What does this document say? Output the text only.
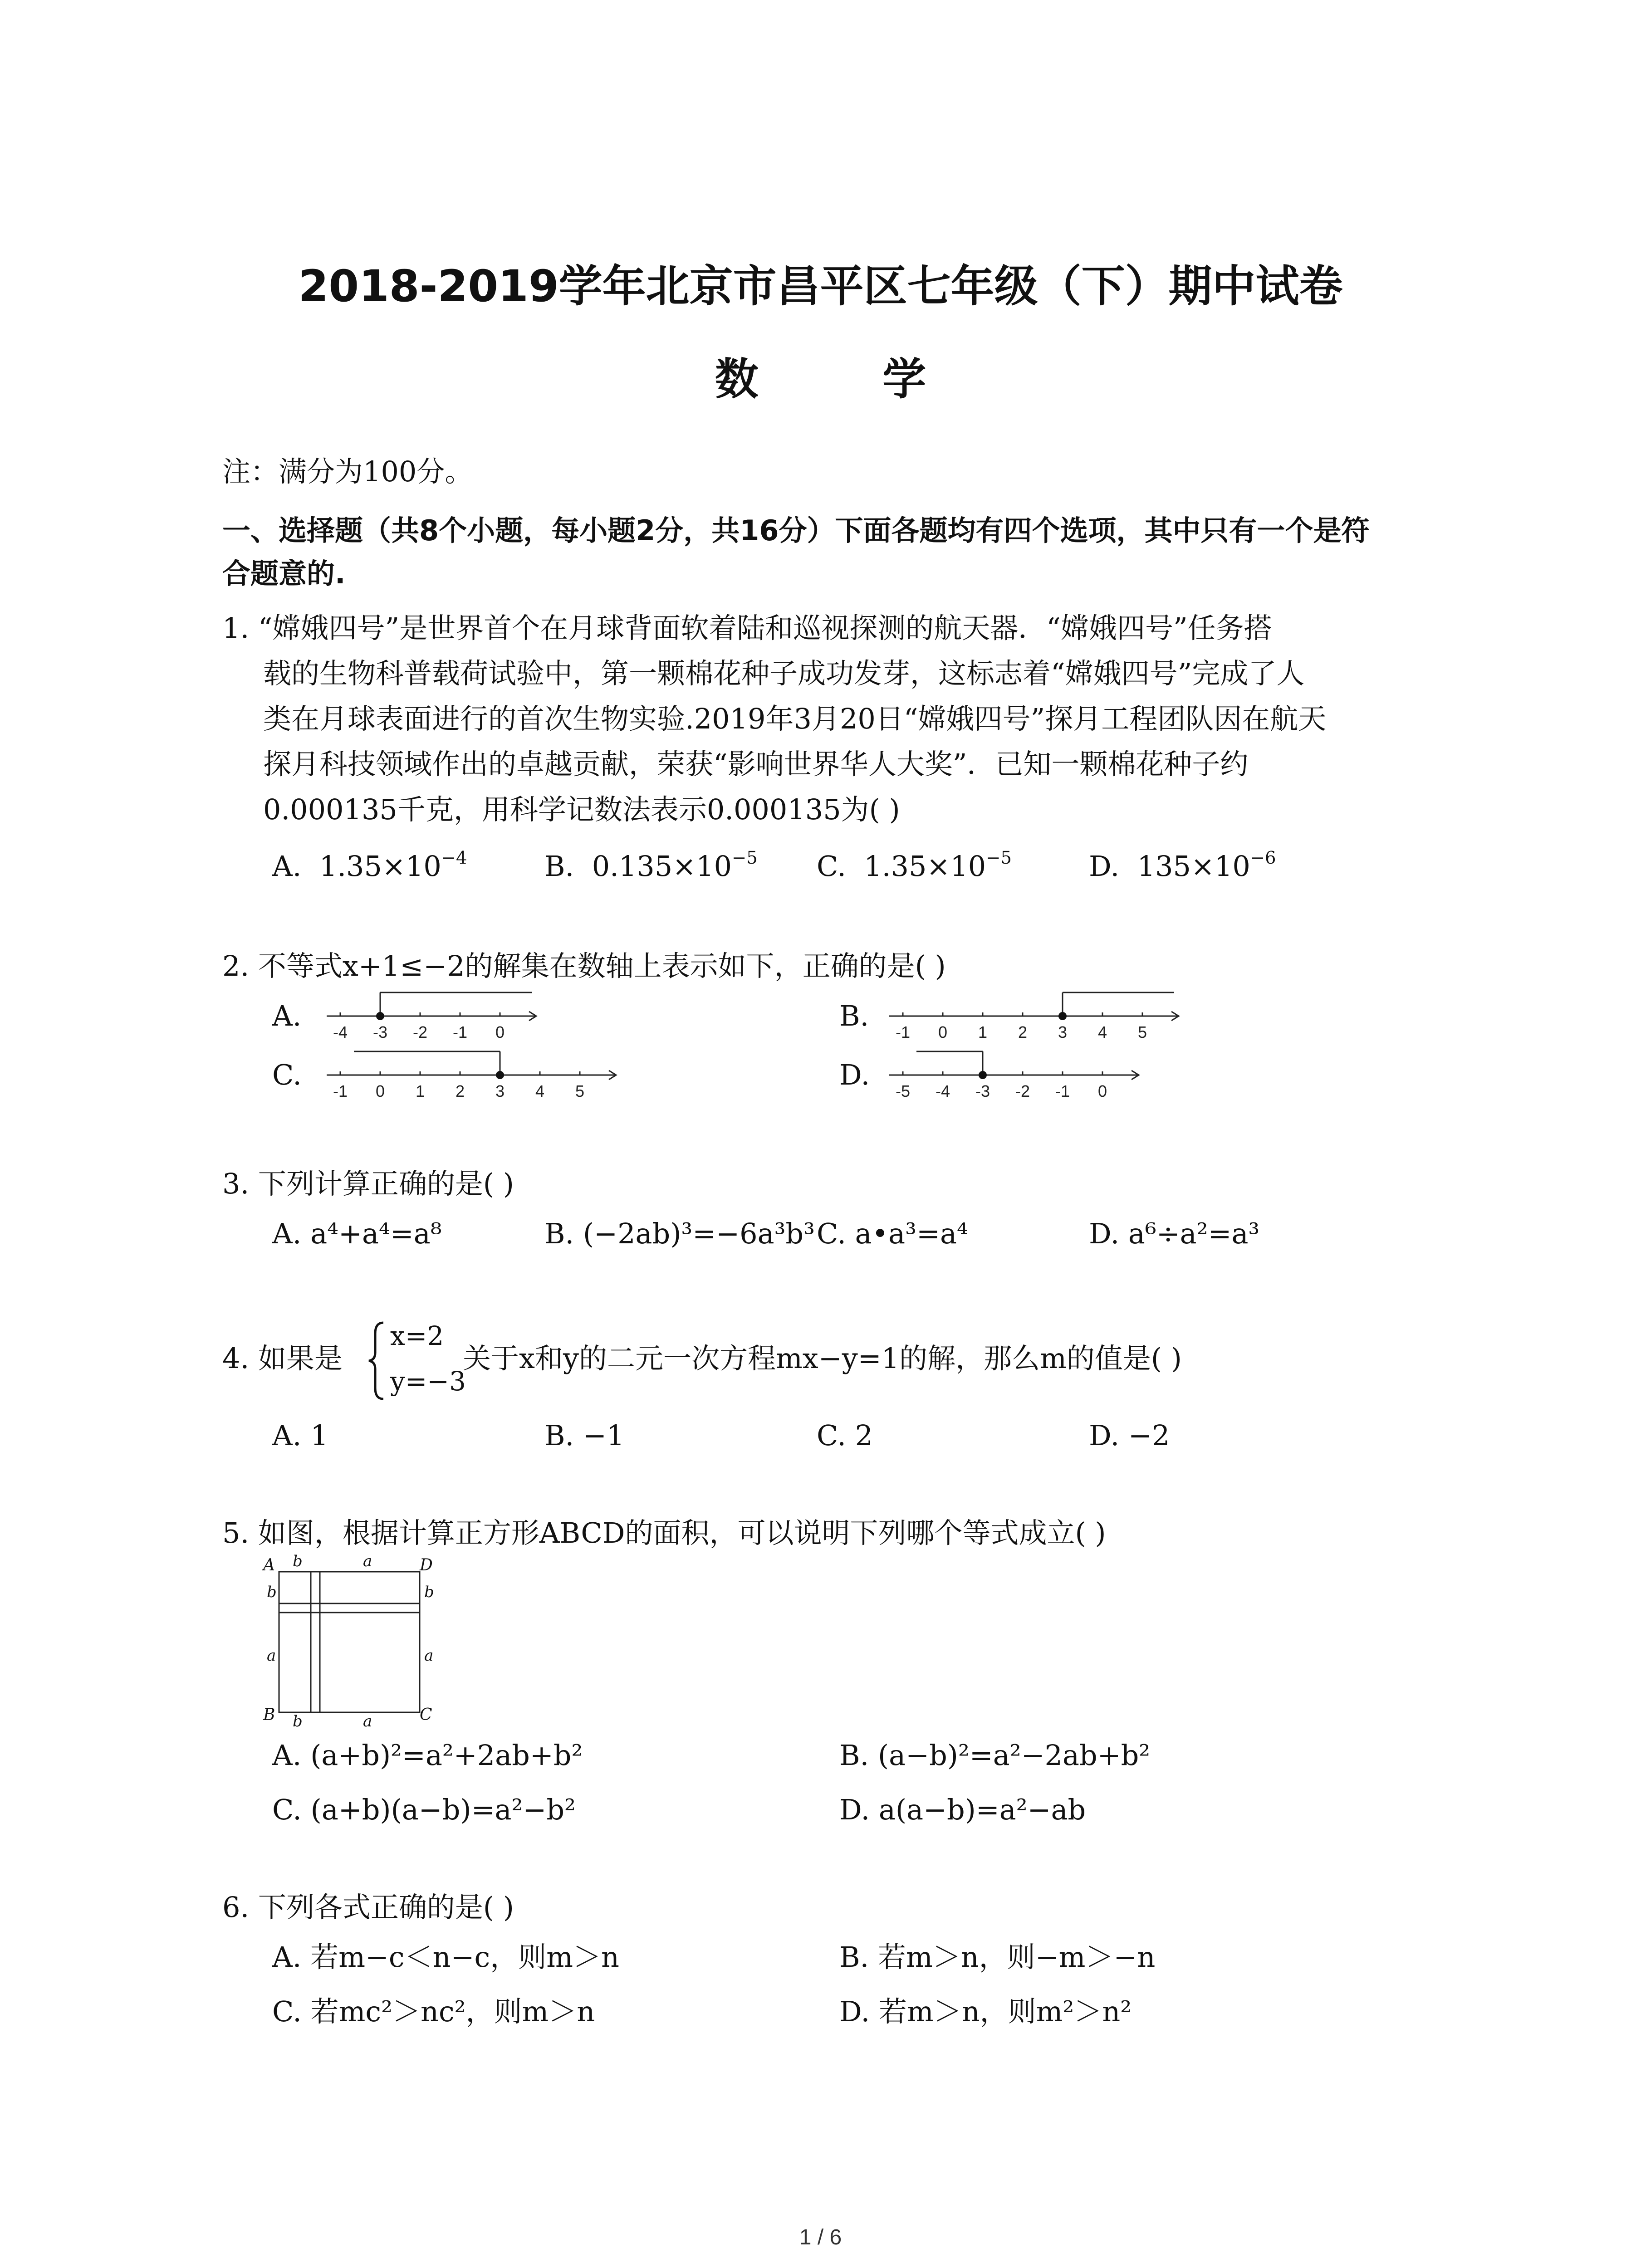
2018-2019学年北京市昌平区七年级（下）期中试卷
数 学
注：满分为100分。
一、选择题（共8个小题，每小题2分，共16分）下面各题均有四个选项，其中只有一个是符
合题意的.
1. “嫦娥四号”是世界首个在月球背面软着陆和巡视探测的航天器．“嫦娥四号”任务搭
载的生物科普载荷试验中，第一颗棉花种子成功发芽，这标志着“嫦娥四号”完成了人
类在月球表面进行的首次生物实验.2019年3月20日“嫦娥四号”探月工程团队因在航天
探月科技领域作出的卓越贡献，荣获“影响世界华人大奖”．已知一颗棉花种子约
0.000135千克，用科学记数法表示0.000135为( )
A. $1.35\times 10^{-4}$	B. $0.135\times 10^{-5}$ C. $1.35\times 10^{-5}$	D. $135\times 10^{-6}$
2. 不等式x+1≤−2的解集在数轴上表示如下，正确的是( )
A.	B.
C.	D.
-4 -3 -2 -1 0	-1 0 1 2 3 4 5
-1 0 1 2 3 4 5	-5 -4 -3 -2 -1 0
3. 下列计算正确的是( )
A. a⁴+a⁴=a⁸	B. (−2ab)³=−6a³b³ C. a•a³=a⁴	D. a⁶÷a²=a³
4. 如果是
x=2
y=−3
关于x和y的二元一次方程mx−y=1的解，那么m的值是( )
A. 1	B. −1	C. 2	D. −2
5. 如图，根据计算正方形ABCD的面积，可以说明下列哪个等式成立( )
A	D
B	C
b	a
b	a
b
a
b
a
A. (a+b)²=a²+2ab+b²	B. (a−b)²=a²−2ab+b²
C. (a+b)(a−b)=a²−b²	D. a(a−b)=a²−ab
6. 下列各式正确的是( )
A. 若m−c＜n−c，则m＞n	B. 若m＞n，则−m＞−n
C. 若mc²＞nc²，则m＞n	D. 若m＞n，则m²＞n²
1 / 6
